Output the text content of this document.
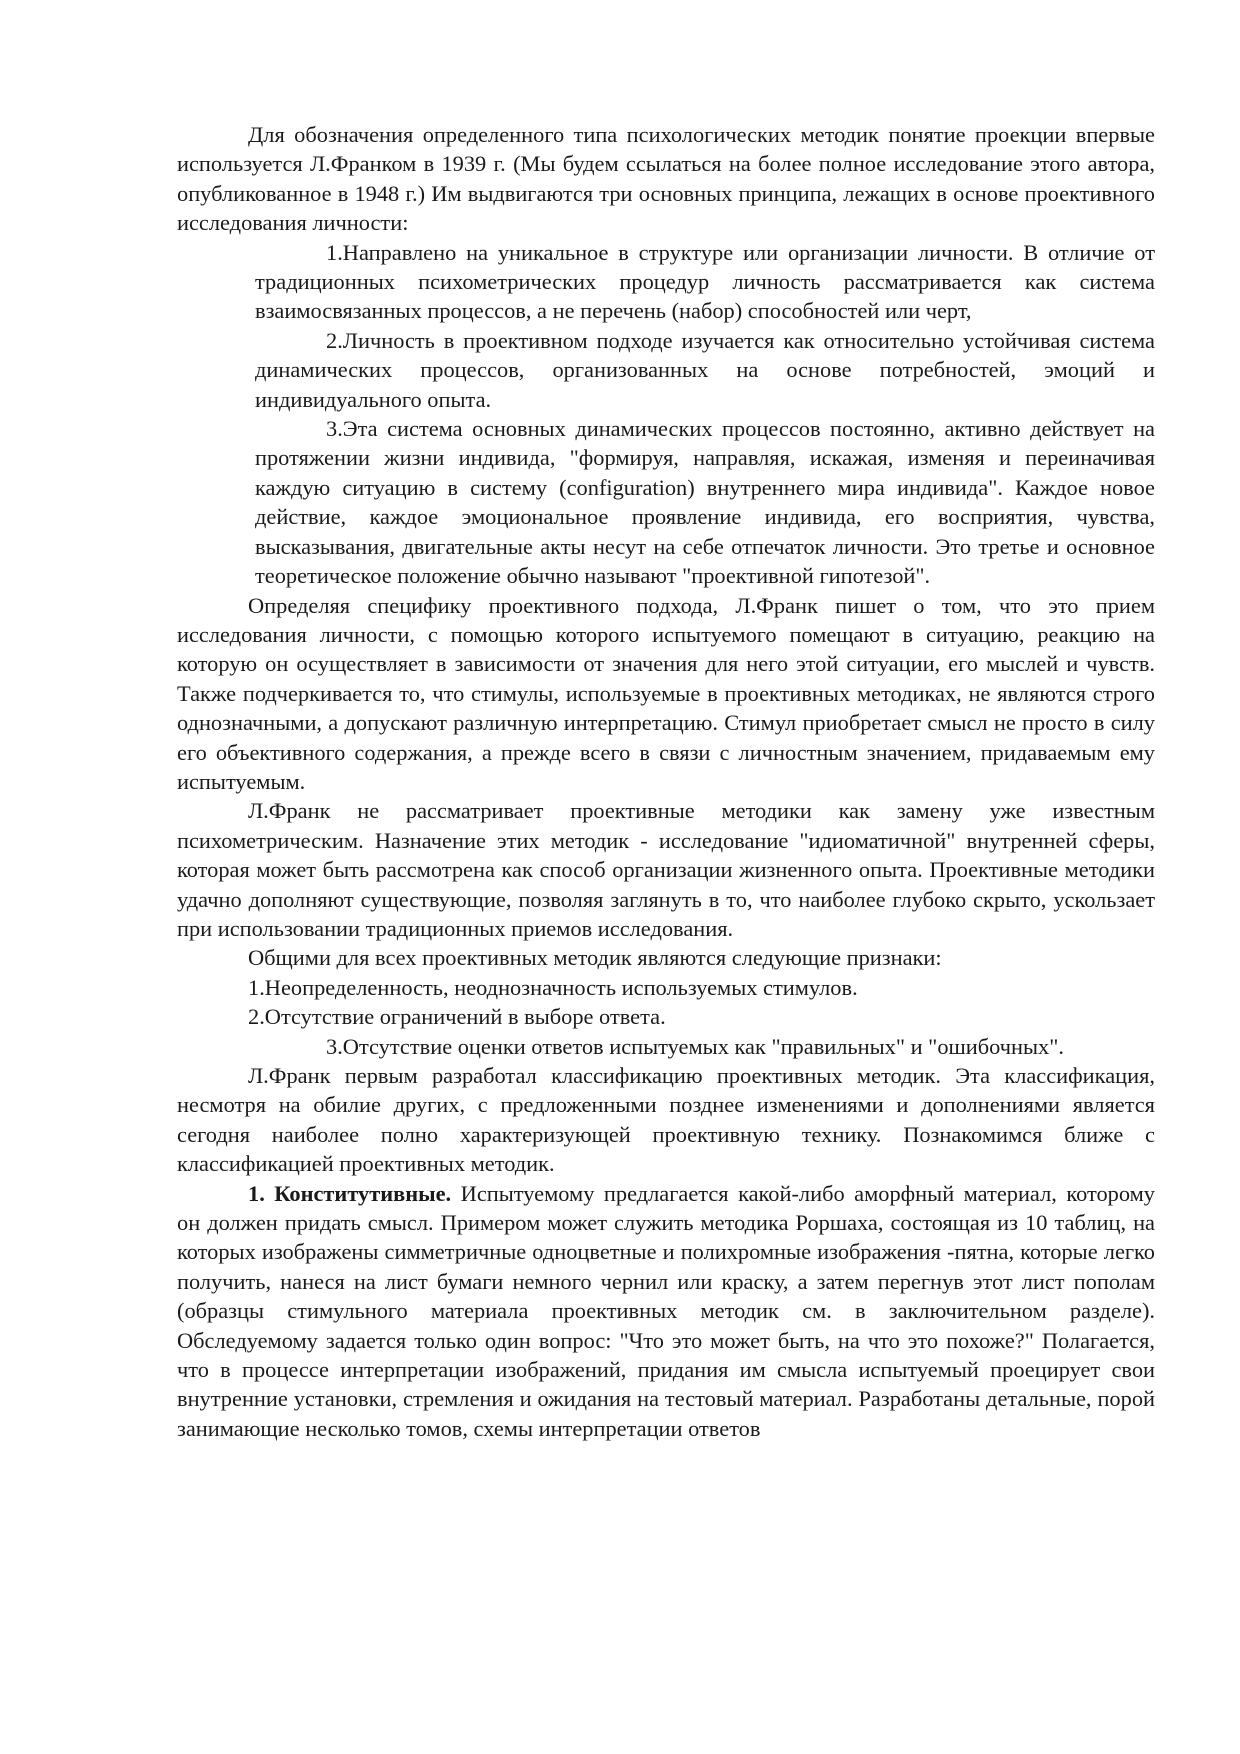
Для обозначения определенного типа психологических методик понятие проекции впервые используется Л.Франком в 1939 г. (Мы будем ссылаться на более полное исследование этого автора, опубликованное в 1948 г.) Им выдвигаются три основных принципа, лежащих в основе проективного исследования личности:

1.Направлено на уникальное в структуре или организации личности. В отличие от традиционных психометрических процедур личность рассматривается как система взаимосвязанных процессов, а не перечень (набор) способностей или черт,

2.Личность в проективном подходе изучается как относительно устойчивая система динамических процессов, организованных на основе потребностей, эмоций и индивидуального опыта.

3.Эта система основных динамических процессов постоянно, активно действует на протяжении жизни индивида, "формируя, направляя, искажая, изменяя и переиначивая каждую ситуацию в систему (configuration) внутреннего мира индивида". Каждое новое действие, каждое эмоциональное проявление индивида, его восприятия, чувства, высказывания, двигательные акты несут на себе отпечаток личности. Это третье и основное теоретическое положение обычно называют "проективной гипотезой".

Определяя специфику проективного подхода, Л.Франк пишет о том, что это прием исследования личности, с помощью которого испытуемого помещают в ситуацию, реакцию на которую он осуществляет в зависимости от значения для него этой ситуации, его мыслей и чувств. Также подчеркивается то, что стимулы, используемые в проективных методиках, не являются строго однозначными, а допускают различную интерпретацию. Стимул приобретает смысл не просто в силу его объективного содержания, а прежде всего в связи с личностным значением, придаваемым ему испытуемым.

Л.Франк не рассматривает проективные методики как замену уже известным психометрическим. Назначение этих методик - исследование "идиоматичной" внутренней сферы, которая может быть рассмотрена как способ организации жизненного опыта. Проективные методики удачно дополняют существующие, позволяя заглянуть в то, что наиболее глубоко скрыто, ускользает при использовании традиционных приемов исследования.

Общими для всех проективных методик являются следующие признаки:

1.Неопределенность, неоднозначность используемых стимулов.

2.Отсутствие ограничений в выборе ответа.

3.Отсутствие оценки ответов испытуемых как "правильных" и "ошибочных".

Л.Франк первым разработал классификацию проективных методик. Эта классификация, несмотря на обилие других, с предложенными позднее изменениями и дополнениями является сегодня наиболее полно характеризующей проективную технику. Познакомимся ближе с классификацией проективных методик.

1. Конститутивные. Испытуемому предлагается какой-либо аморфный материал, которому он должен придать смысл. Примером может служить методика Роршаха, состоящая из 10 таблиц, на которых изображены симметричные одноцветные и полихромные изображения -пятна, которые легко получить, нанеся на лист бумаги немного чернил или краску, а затем перегнув этот лист пополам (образцы стимульного материала проективных методик см. в заключительном разделе). Обследуемому задается только один вопрос: "Что это может быть, на что это похоже?" Полагается, что в процессе интерпретации изображений, придания им смысла испытуемый проецирует свои внутренние установки, стремления и ожидания на тестовый материал. Разработаны детальные, порой занимающие несколько томов, схемы интерпретации ответов
